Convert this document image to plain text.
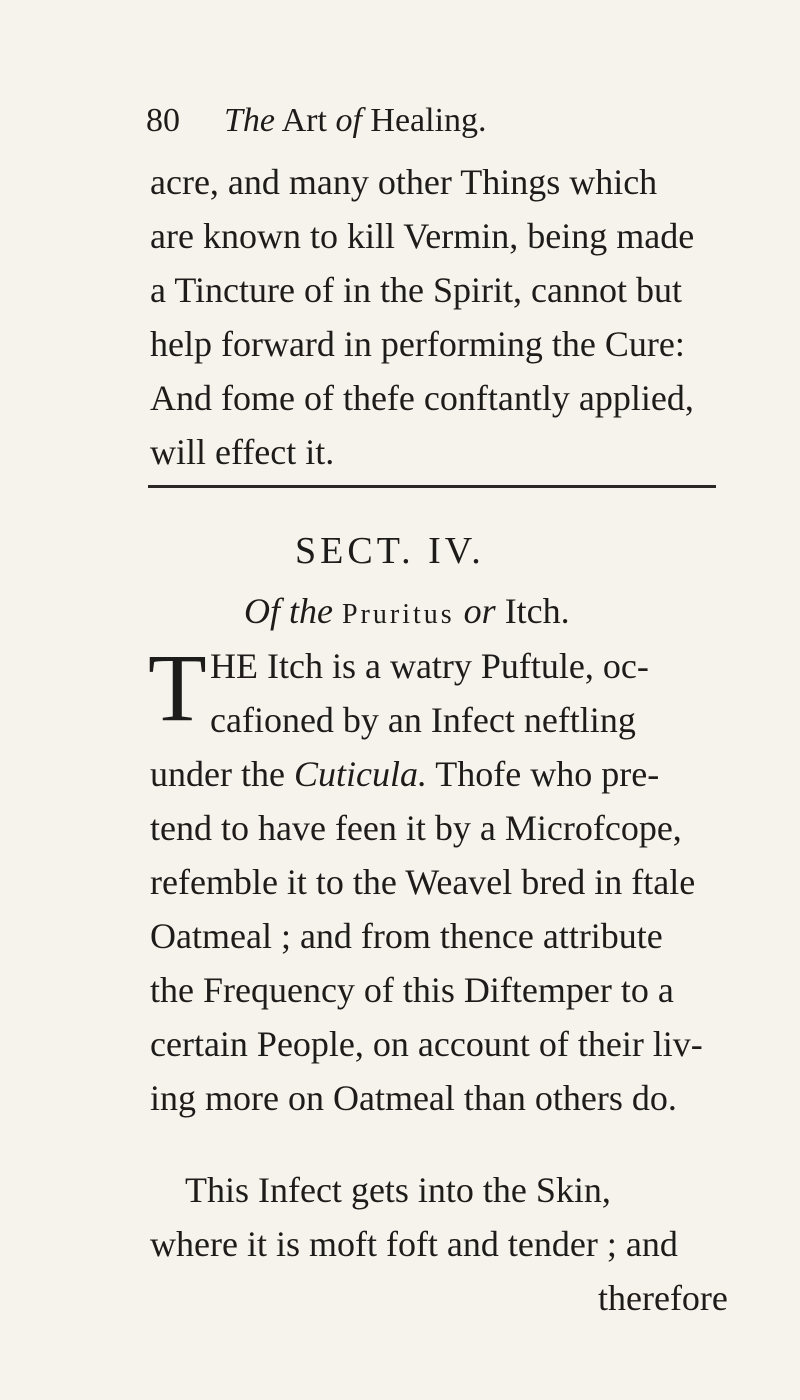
80 The Art of Healing.
acre, and many other Things which
are known to kill Vermin, being made
a Tincture of in the Spirit, cannot but
help forward in performing the Cure:
And fome of thefe conftantly applied,
will effect it.
SECT. IV.
Of the Pruritus or Itch.
T HE Itch is a watry Puftule, oc-
cafioned by an Infect neftling
under the Cuticula. Thofe who pre-
tend to have feen it by a Microfcope,
refemble it to the Weavel bred in ftale
Oatmeal ; and from thence attribute
the Frequency of this Diftemper to a
certain People, on account of their liv-
ing more on Oatmeal than others do.
This Infect gets into the Skin,
where it is moft foft and tender ; and
therefore
